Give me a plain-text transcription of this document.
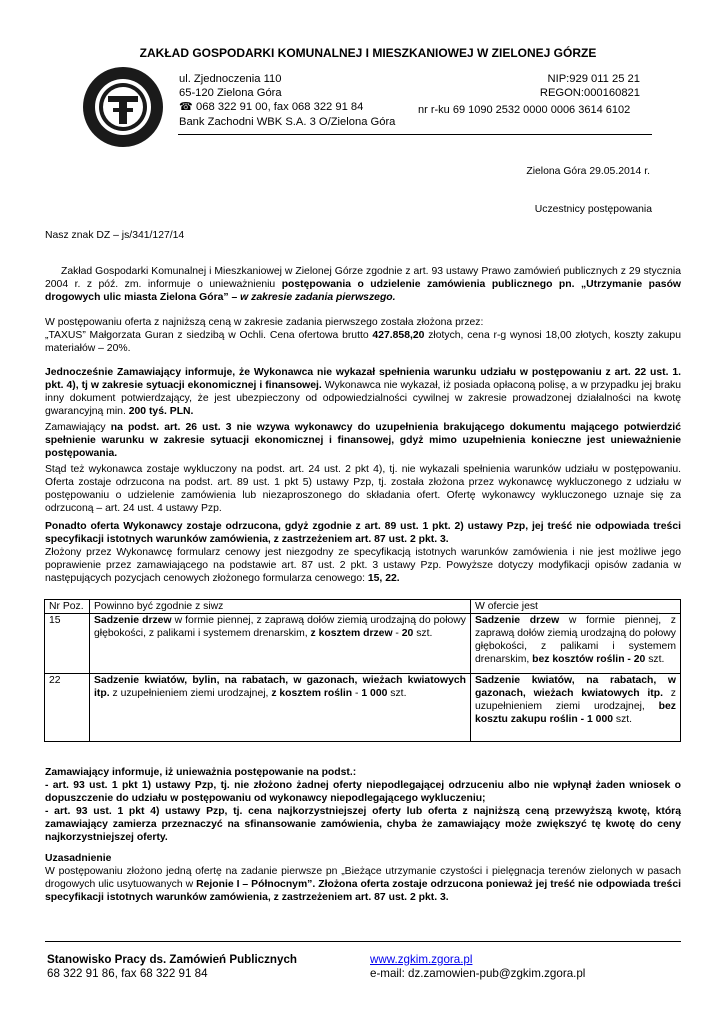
ZAKŁAD GOSPODARKI KOMUNALNEJ I MIESZKANIOWEJ W ZIELONEJ GÓRZE
ul. Zjednoczenia 110
65-120 Zielona Góra
☎ 068 322 91 00, fax 068 322 91 84
Bank Zachodni WBK S.A. 3 O/Zielona Góra
NIP:929 011 25 21
REGON:000160821
nr r-ku 69 1090 2532 0000 0006 3614 6102
Zielona Góra 29.05.2014 r.
Uczestnicy postępowania
Nasz znak DZ – js/341/127/14
Zakład Gospodarki Komunalnej i Mieszkaniowej w Zielonej Górze zgodnie z art. 93 ustawy Prawo zamówień publicznych z 29 stycznia 2004 r. z póź. zm. informuje o unieważnieniu postępowania o udzielenie zamówienia publicznego pn. „Utrzymanie pasów drogowych ulic miasta Zielona Góra” – w zakresie zadania pierwszego.
W postępowaniu oferta z najniższą ceną w zakresie zadania pierwszego została złożona przez:
„TAXUS” Małgorzata Guran z siedzibą w Ochli. Cena ofertowa brutto 427.858,20 złotych, cena r-g wynosi 18,00 złotych, koszty zakupu materiałów – 20%.
Jednocześnie Zamawiający informuje, że Wykonawca nie wykazał spełnienia warunku udziału w postępowaniu z art. 22 ust. 1. pkt. 4), tj w zakresie sytuacji ekonomicznej i finansowej. Wykonawca nie wykazał, iż posiada opłaconą polisę, a w przypadku jej braku inny dokument potwierdzający, że jest ubezpieczony od odpowiedzialności cywilnej w zakresie prowadzonej działalności na kwotę gwarancyjną min. 200 tyś. PLN.
Zamawiający na podst. art. 26 ust. 3 nie wzywa wykonawcy do uzupełnienia brakującego dokumentu mającego potwierdzić spełnienie warunku w zakresie sytuacji ekonomicznej i finansowej, gdyż mimo uzupełnienia konieczne jest unieważnienie postępowania.
Stąd też wykonawca zostaje wykluczony na podst. art. 24 ust. 2 pkt 4), tj. nie wykazali spełnienia warunków udziału w postępowaniu. Oferta zostaje odrzucona na podst. art. 89 ust. 1 pkt 5) ustawy Pzp, tj. została złożona przez wykonawcę wykluczonego z udziału w postępowaniu o udzielenie zamówienia lub niezaproszonego do składania ofert. Ofertę wykonawcy wykluczonego uznaje się za odrzuconą – art. 24 ust. 4 ustawy Pzp.
Ponadto oferta Wykonawcy zostaje odrzucona, gdyż zgodnie z art. 89 ust. 1 pkt. 2) ustawy Pzp, jej treść nie odpowiada treści specyfikacji istotnych warunków zamówienia, z zastrzeżeniem art. 87 ust. 2 pkt. 3.
Złożony przez Wykonawcę formularz cenowy jest niezgodny ze specyfikacją istotnych warunków zamówienia i nie jest możliwe jego poprawienie przez zamawiającego na podstawie art. 87 ust. 2 pkt. 3 ustawy Pzp. Powyższe dotyczy modyfikacji opisów zadania w następujących pozycjach cenowych złożonego formularza cenowego: 15, 22.
Nr Poz.	Powinno być zgodnie z siwz	W ofercie jest
15	Sadzenie drzew w formie piennej, z zaprawą dołów ziemią urodzajną do połowy głębokości, z palikami i systemem drenarskim, z kosztem drzew - 20 szt.	Sadzenie drzew w formie piennej, z zaprawą dołów ziemią urodzajną do połowy głębokości, z palikami i systemem drenarskim, bez kosztów roślin - 20 szt.
22	Sadzenie kwiatów, bylin, na rabatach, w gazonach, wieżach kwiatowych itp. z uzupełnieniem ziemi urodzajnej, z kosztem roślin - 1 000 szt.	Sadzenie kwiatów, na rabatach, w gazonach, wieżach kwiatowych itp. z uzupełnieniem ziemi urodzajnej, bez kosztu zakupu roślin - 1 000 szt.
Zamawiający informuje, iż unieważnia postępowanie na podst.:
- art. 93 ust. 1 pkt 1) ustawy Pzp, tj. nie złożono żadnej oferty niepodlegającej odrzuceniu albo nie wpłynął żaden wniosek o dopuszczenie do udziału w postępowaniu od wykonawcy niepodlegającego wykluczeniu;
- art. 93 ust. 1 pkt 4) ustawy Pzp, tj. cena najkorzystniejszej oferty lub oferta z najniższą ceną przewyższą kwotę, którą zamawiający zamierza przeznaczyć na sfinansowanie zamówienia, chyba że zamawiający może zwiększyć tę kwotę do ceny najkorzystniejszej oferty.
Uzasadnienie
W postępowaniu złożono jedną ofertę na zadanie pierwsze pn „Bieżące utrzymanie czystości i pielęgnacja terenów zielonych w pasach drogowych ulic usytuowanych w Rejonie I – Północnym”. Złożona oferta zostaje odrzucona ponieważ jej treść nie odpowiada treści specyfikacji istotnych warunków zamówienia, z zastrzeżeniem art. 87 ust. 2 pkt. 3.
Stanowisko Pracy ds. Zamówień Publicznych
68 322 91 86, fax 68 322 91 84
www.zgkim.zgora.pl
e-mail: dz.zamowien-pub@zgkim.zgora.pl
